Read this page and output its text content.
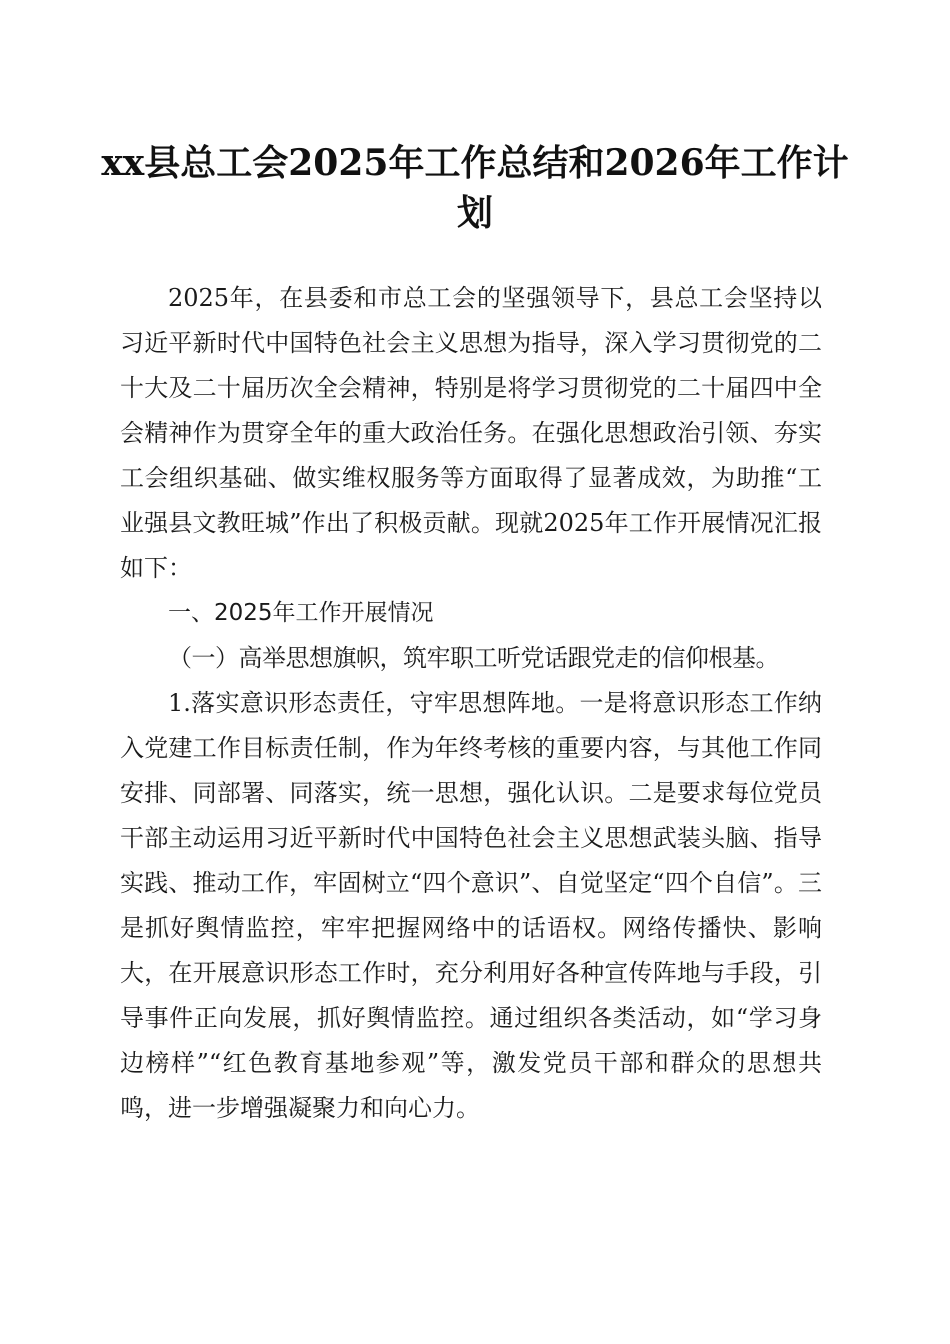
xx县总工会2025年工作总结和2026年工作计划

2025年，在县委和市总工会的坚强领导下，县总工会坚持以习近平新时代中国特色社会主义思想为指导，深入学习贯彻党的二十大及二十届历次全会精神，特别是将学习贯彻党的二十届四中全会精神作为贯穿全年的重大政治任务。在强化思想政治引领、夯实工会组织基础、做实维权服务等方面取得了显著成效，为助推“工业强县文教旺城”作出了积极贡献。现就2025年工作开展情况汇报如下：

一、2025年工作开展情况

（一）高举思想旗帜，筑牢职工听党话跟党走的信仰根基。

1.落实意识形态责任，守牢思想阵地。一是将意识形态工作纳入党建工作目标责任制，作为年终考核的重要内容，与其他工作同安排、同部署、同落实，统一思想，强化认识。二是要求每位党员干部主动运用习近平新时代中国特色社会主义思想武装头脑、指导实践、推动工作，牢固树立“四个意识”、自觉坚定“四个自信”。三是抓好舆情监控，牢牢把握网络中的话语权。网络传播快、影响大，在开展意识形态工作时，充分利用好各种宣传阵地与手段，引导事件正向发展，抓好舆情监控。通过组织各类活动，如“学习身边榜样”“红色教育基地参观”等，激发党员干部和群众的思想共鸣，进一步增强凝聚力和向心力。
